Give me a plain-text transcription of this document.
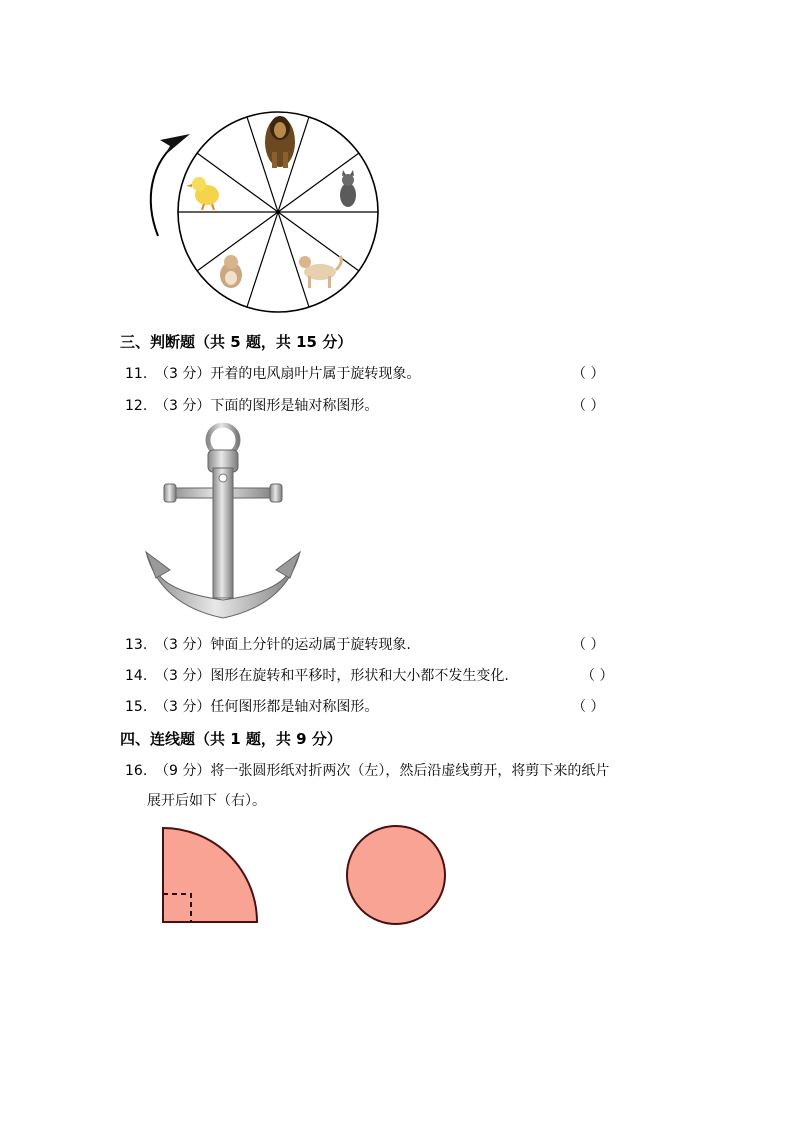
三、判断题（共 5 题，共 15 分）
11. （3 分）开着的电风扇叶片属于旋转现象。	（ ）
12. （3 分）下面的图形是轴对称图形。	（ ）
13. （3 分）钟面上分针的运动属于旋转现象.	（ ）
14. （3 分）图形在旋转和平移时，形状和大小都不发生变化.	（ ）
15. （3 分）任何图形都是轴对称图形。	（ ）
四、连线题（共 1 题，共 9 分）
16. （9 分）将一张圆形纸对折两次（左），然后沿虚线剪开，将剪下来的纸片
展开后如下（右）。
